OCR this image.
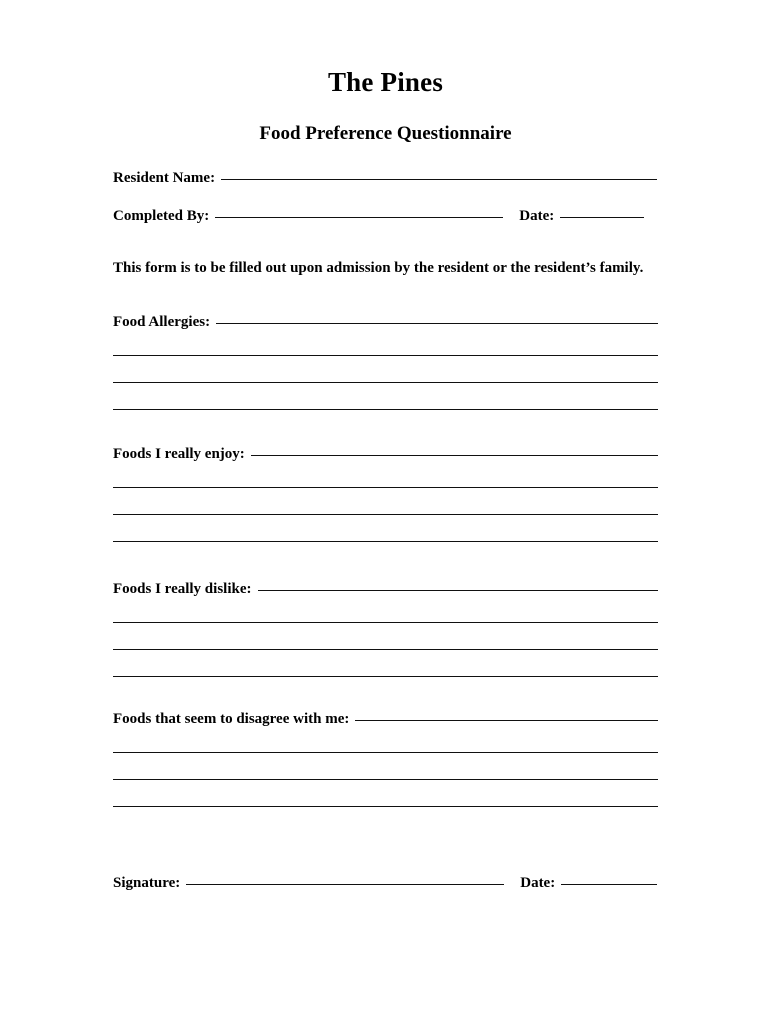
The Pines
Food Preference Questionnaire
Resident Name:
Completed By:	Date:
This form is to be filled out upon admission by the resident or the resident’s family.
Food Allergies:
Foods I really enjoy:
Foods I really dislike:
Foods that seem to disagree with me:
Signature:	Date:
